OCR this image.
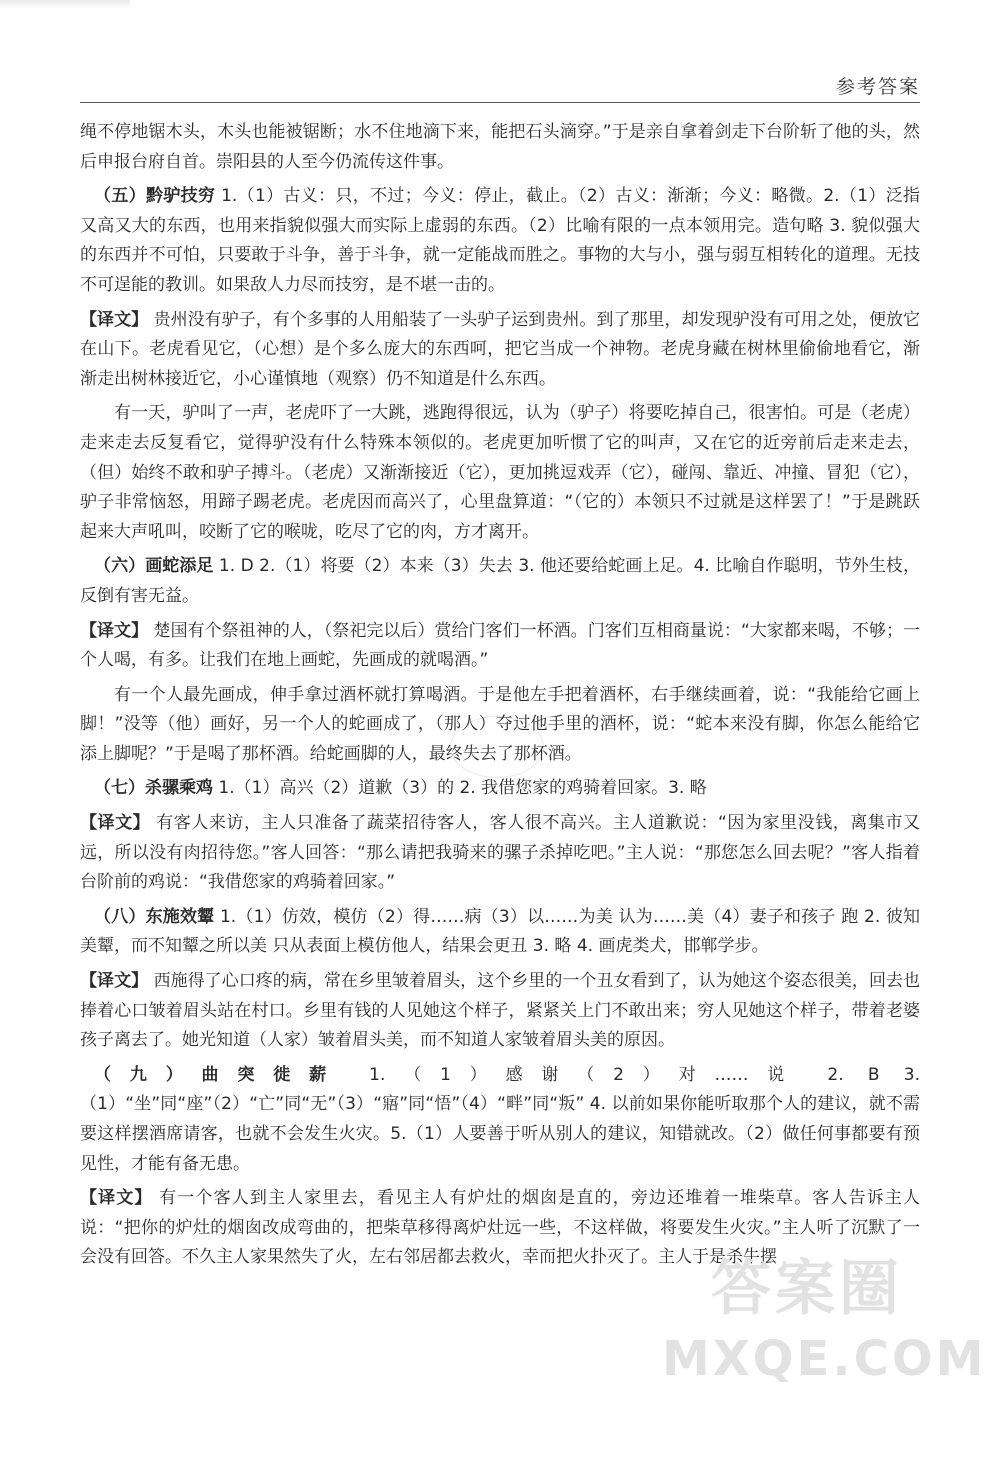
参考答案

绳不停地锯木头，木头也能被锯断；水不住地滴下来，能把石头滴穿。”于是亲自拿着剑走下台阶斩了他的头，然后申报台府自首。崇阳县的人至今仍流传这件事。

（五）黔驴技穷 1.（1）古义：只，不过；今义：停止，截止。（2）古义：渐渐；今义：略微。2.（1）泛指又高又大的东西，也用来指貌似强大而实际上虚弱的东西。（2）比喻有限的一点本领用完。造句略 3. 貌似强大的东西并不可怕，只要敢于斗争，善于斗争，就一定能战而胜之。事物的大与小，强与弱互相转化的道理。无技不可逞能的教训。如果敌人力尽而技穷，是不堪一击的。

【译文】 贵州没有驴子，有个多事的人用船装了一头驴子运到贵州。到了那里，却发现驴没有可用之处，便放它在山下。老虎看见它，（心想）是个多么庞大的东西呵，把它当成一个神物。老虎身藏在树林里偷偷地看它，渐渐走出树林接近它，小心谨慎地（观察）仍不知道是什么东西。

有一天，驴叫了一声，老虎吓了一大跳，逃跑得很远，认为（驴子）将要吃掉自己，很害怕。可是（老虎）走来走去反复看它，觉得驴没有什么特殊本领似的。老虎更加听惯了它的叫声，又在它的近旁前后走来走去，（但）始终不敢和驴子搏斗。（老虎）又渐渐接近（它），更加挑逗戏弄（它），碰闯、靠近、冲撞、冒犯（它），驴子非常恼怒，用蹄子踢老虎。老虎因而高兴了，心里盘算道：“（它的）本领只不过就是这样罢了！”于是跳跃起来大声吼叫，咬断了它的喉咙，吃尽了它的肉，方才离开。

（六）画蛇添足 1. D 2.（1）将要（2）本来（3）失去 3. 他还要给蛇画上足。4. 比喻自作聪明，节外生枝，反倒有害无益。

【译文】 楚国有个祭祖神的人，（祭祀完以后）赏给门客们一杯酒。门客们互相商量说：“大家都来喝，不够；一个人喝，有多。让我们在地上画蛇，先画成的就喝酒。”

有一个人最先画成，伸手拿过酒杯就打算喝酒。于是他左手把着酒杯，右手继续画着，说：“我能给它画上脚！”没等（他）画好，另一个人的蛇画成了，（那人）夺过他手里的酒杯，说：“蛇本来没有脚，你怎么能给它添上脚呢？”于是喝了那杯酒。给蛇画脚的人，最终失去了那杯酒。

（七）杀骡乘鸡 1.（1）高兴（2）道歉（3）的 2. 我借您家的鸡骑着回家。3. 略

【译文】 有客人来访，主人只准备了蔬菜招待客人，客人很不高兴。主人道歉说：“因为家里没钱，离集市又远，所以没有肉招待您。”客人回答：“那么请把我骑来的骡子杀掉吃吧。”主人说：“那您怎么回去呢？”客人指着台阶前的鸡说：“我借您家的鸡骑着回家。”

（八）东施效颦 1.（1）仿效，模仿（2）得……病（3）以……为美 认为……美（4）妻子和孩子 跑 2. 彼知美颦，而不知颦之所以美 只从表面上模仿他人，结果会更丑 3. 略 4. 画虎类犬，邯郸学步。

【译文】 西施得了心口疼的病，常在乡里皱着眉头，这个乡里的一个丑女看到了，认为她这个姿态很美，回去也捧着心口皱着眉头站在村口。乡里有钱的人见她这个样子，紧紧关上门不敢出来；穷人见她这个样子，带着老婆孩子离去了。她光知道（人家）皱着眉头美，而不知道人家皱着眉头美的原因。

（九）曲突徙薪 1.（1）感谢（2）对……说 2. B 3.（1）“坐”同“座”（2）“亡”同“无”（3）“寤”同“悟”（4）“畔”同“叛” 4. 以前如果你能听取那个人的建议，就不需要这样摆酒席请客，也就不会发生火灾。5.（1）人要善于听从别人的建议，知错就改。（2）做任何事都要有预见性，才能有备无患。

【译文】 有一个客人到主人家里去，看见主人有炉灶的烟囱是直的，旁边还堆着一堆柴草。客人告诉主人说：“把你的炉灶的烟囱改成弯曲的，把柴草移得离炉灶远一些，不这样做，将要发生火灾。”主人听了沉默了一会没有回答。不久主人家果然失了火，左右邻居都去救火，幸而把火扑灭了。主人于是杀牛摆

答案圈
MXQE.COM
